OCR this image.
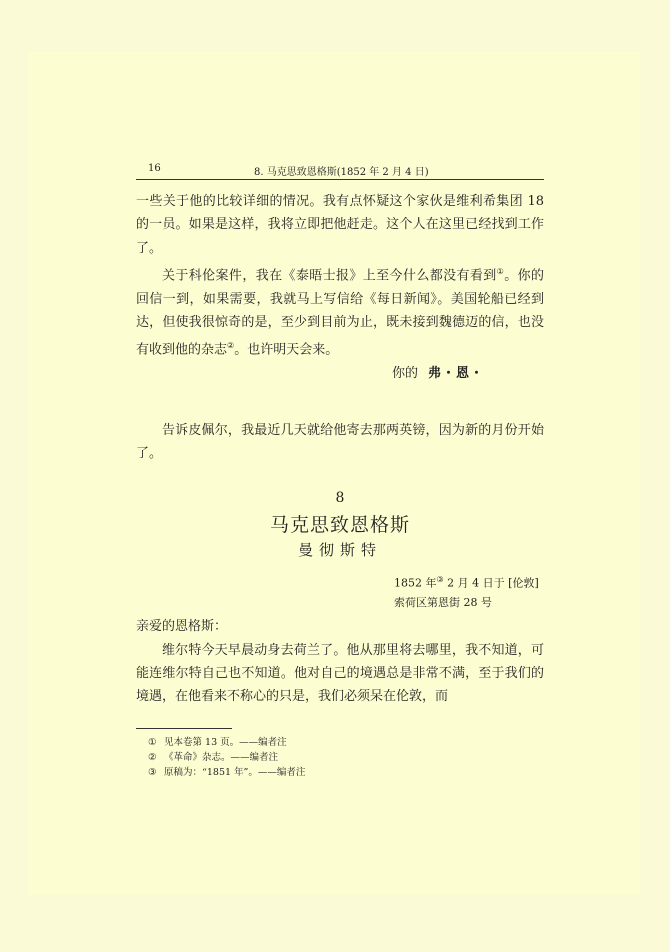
16	8. 马克思致恩格斯(1852 年 2 月 4 日)

一些关于他的比较详细的情况。我有点怀疑这个家伙是维利希集团 18 的一员。如果是这样，我将立即把他赶走。这个人在这里已经找到工作了。

关于科伦案件，我在《泰晤士报》上至今什么都没有看到①。你的回信一到，如果需要，我就马上写信给《每日新闻》。美国轮船已经到达，但使我很惊奇的是，至少到目前为止，既未接到魏德迈的信，也没有收到他的杂志②。也许明天会来。

你的 弗・恩・

告诉皮佩尔，我最近几天就给他寄去那两英镑，因为新的月份开始了。

8
马克思致恩格斯
曼彻斯特
1852 年③ 2 月 4 日于 [伦敦]
索荷区第恩街 28 号

亲爱的恩格斯：

维尔特今天早晨动身去荷兰了。他从那里将去哪里，我不知道，可能连维尔特自己也不知道。他对自己的境遇总是非常不满，至于我们的境遇，在他看来不称心的只是，我们必须呆在伦敦，而

① 见本卷第 13 页。——编者注

② 《革命》杂志。——编者注

③ 原稿为：“1851 年”。——编者注
